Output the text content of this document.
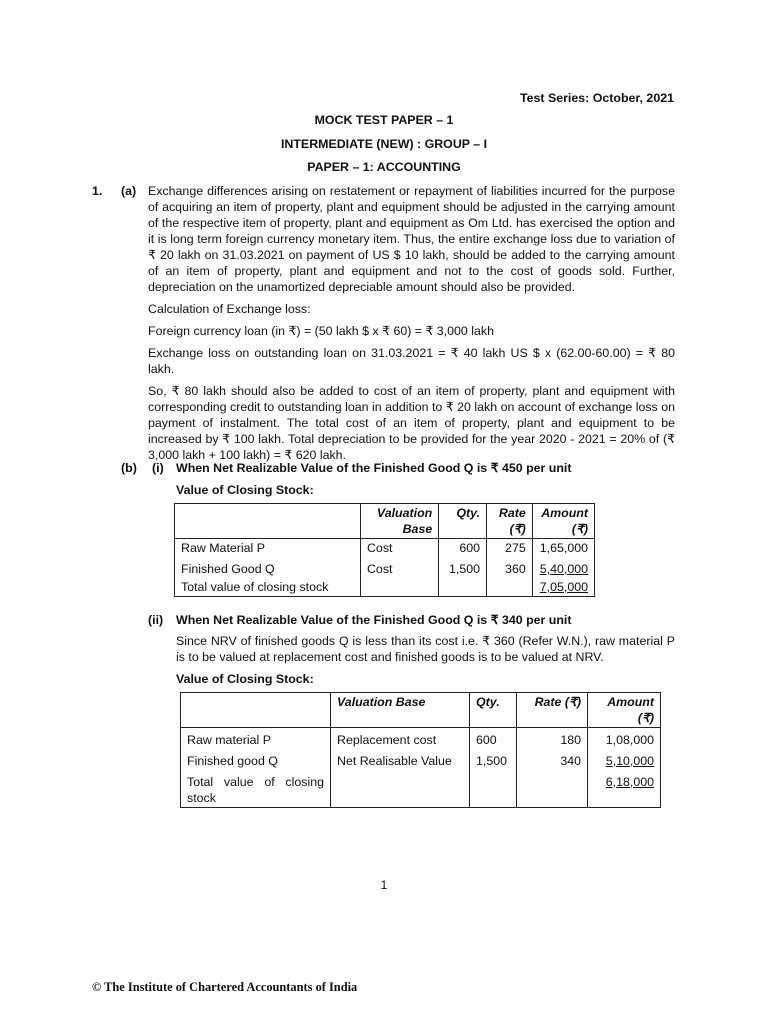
Test Series: October, 2021
MOCK TEST PAPER – 1
INTERMEDIATE (NEW) : GROUP – I
PAPER – 1: ACCOUNTING
1. (a) Exchange differences arising on restatement or repayment of liabilities incurred for the purpose of acquiring an item of property, plant and equipment should be adjusted in the carrying amount of the respective item of property, plant and equipment as Om Ltd. has exercised the option and it is long term foreign currency monetary item. Thus, the entire exchange loss due to variation of ₹ 20 lakh on 31.03.2021 on payment of US $ 10 lakh, should be added to the carrying amount of an item of property, plant and equipment and not to the cost of goods sold. Further, depreciation on the unamortized depreciable amount should also be provided.

Calculation of Exchange loss:

Foreign currency loan (in ₹) = (50 lakh $ x ₹ 60) = ₹ 3,000 lakh

Exchange loss on outstanding loan on 31.03.2021 = ₹ 40 lakh US $ x (62.00-60.00) = ₹ 80 lakh.

So, ₹ 80 lakh should also be added to cost of an item of property, plant and equipment with corresponding credit to outstanding loan in addition to ₹ 20 lakh on account of exchange loss on payment of instalment. The total cost of an item of property, plant and equipment to be increased by ₹ 100 lakh. Total depreciation to be provided for the year 2020 - 2021 = 20% of (₹ 3,000 lakh + 100 lakh) = ₹ 620 lakh.

(b) (i) When Net Realizable Value of the Finished Good Q is ₹ 450 per unit
Value of Closing Stock:
	Valuation Base	Qty.	Rate (₹)	Amount (₹)
Raw Material P	Cost	600	275	1,65,000
Finished Good Q	Cost	1,500	360	5,40,000
Total value of closing stock				7,05,000
(ii) When Net Realizable Value of the Finished Good Q is ₹ 340 per unit
Since NRV of finished goods Q is less than its cost i.e. ₹ 360 (Refer W.N.), raw material P is to be valued at replacement cost and finished goods is to be valued at NRV.
Value of Closing Stock:
	Valuation Base	Qty.	Rate (₹)	Amount (₹)
Raw material P	Replacement cost	600	180	1,08,000
Finished good Q	Net Realisable Value	1,500	340	5,10,000
Total value of closing stock				6,18,000
1
© The Institute of Chartered Accountants of India
